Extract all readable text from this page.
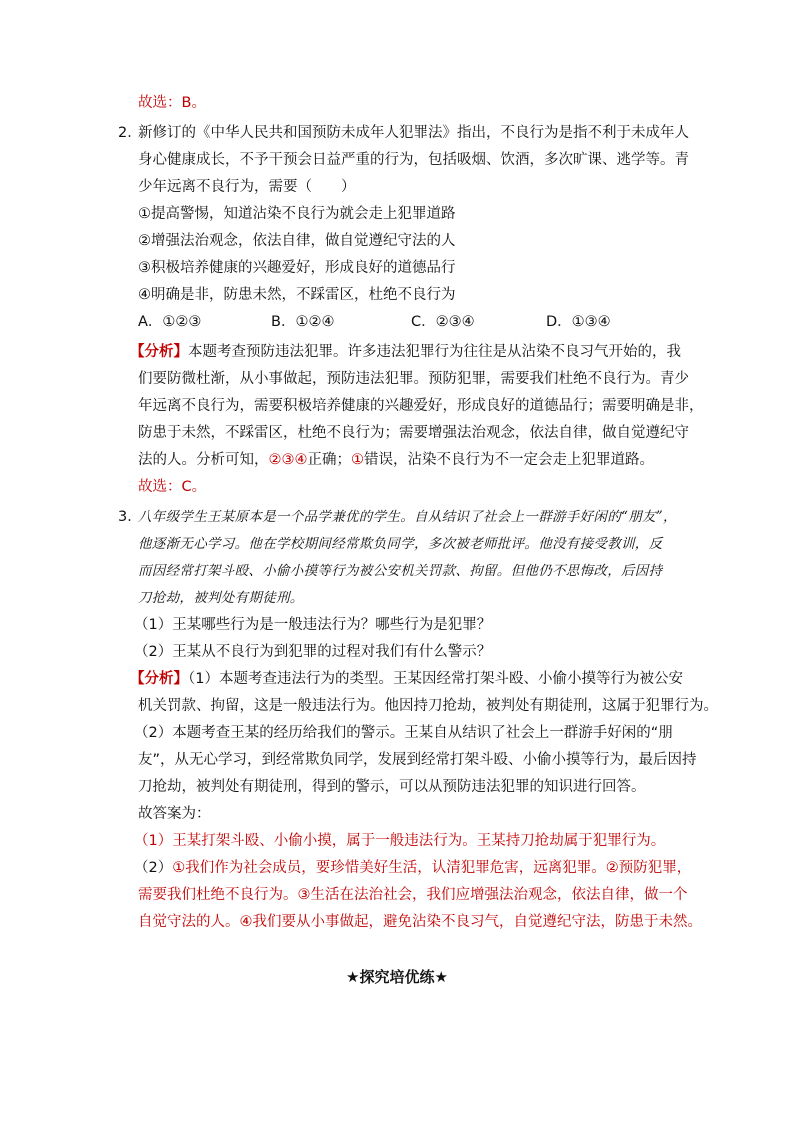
故选：B。
2．
新修订的《中华人民共和国预防未成年人犯罪法》指出，不良行为是指不利于未成年人
身心健康成长，不予干预会日益严重的行为，包括吸烟、饮酒，多次旷课、逃学等。青
少年远离不良行为，需要（　　）
①提高警惕，知道沾染不良行为就会走上犯罪道路
②增强法治观念，依法自律，做自觉遵纪守法的人
③积极培养健康的兴趣爱好，形成良好的道德品行
④明确是非，防患未然，不踩雷区，杜绝不良行为
A．①②③	B．①②④	C．②③④	D．①③④
【分析】本题考查预防违法犯罪。许多违法犯罪行为往往是从沾染不良习气开始的，我
们要防微杜渐，从小事做起，预防违法犯罪。预防犯罪，需要我们杜绝不良行为。青少
年远离不良行为，需要积极培养健康的兴趣爱好，形成良好的道德品行；需要明确是非，
防患于未然，不踩雷区，杜绝不良行为；需要增强法治观念，依法自律，做自觉遵纪守
法的人。分析可知，②③④正确；①错误，沾染不良行为不一定会走上犯罪道路。
故选：C。
3．
八年级学生王某原本是一个品学兼优的学生。自从结识了社会上一群游手好闲的“朋友”，
他逐渐无心学习。他在学校期间经常欺负同学，多次被老师批评。他没有接受教训，反
而因经常打架斗殴、小偷小摸等行为被公安机关罚款、拘留。但他仍不思悔改，后因持
刀抢劫，被判处有期徒刑。
（1）王某哪些行为是一般违法行为？哪些行为是犯罪？
（2）王某从不良行为到犯罪的过程对我们有什么警示？
【分析】（1）本题考查违法行为的类型。王某因经常打架斗殴、小偷小摸等行为被公安
机关罚款、拘留，这是一般违法行为。他因持刀抢劫，被判处有期徒刑，这属于犯罪行为。
（2）本题考查王某的经历给我们的警示。王某自从结识了社会上一群游手好闲的“朋
友”，从无心学习，到经常欺负同学，发展到经常打架斗殴、小偷小摸等行为，最后因持
刀抢劫，被判处有期徒刑，得到的警示，可以从预防违法犯罪的知识进行回答。
故答案为：
（1）王某打架斗殴、小偷小摸，属于一般违法行为。王某持刀抢劫属于犯罪行为。
（2）①我们作为社会成员，要珍惜美好生活，认清犯罪危害，远离犯罪。②预防犯罪，
需要我们杜绝不良行为。③生活在法治社会，我们应增强法治观念，依法自律，做一个
自觉守法的人。④我们要从小事做起，避免沾染不良习气，自觉遵纪守法，防患于未然。
★探究培优练★
